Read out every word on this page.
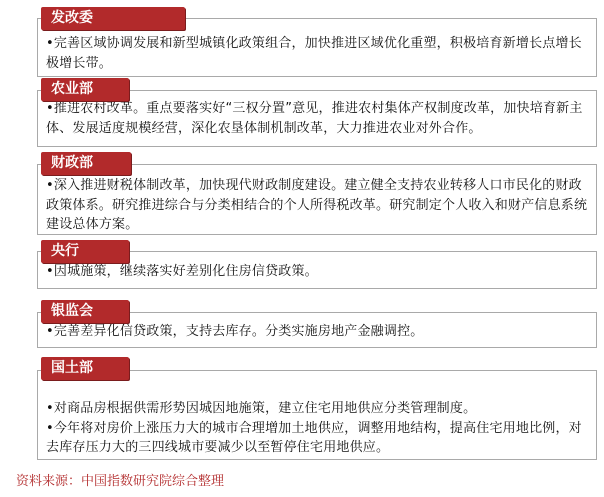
•完善区域协调发展和新型城镇化政策组合，加快推进区域优化重塑，积极培育新增长点增长极增长带。

发改委

•推进农村改革。重点要落实好“三权分置”意见，推进农村集体产权制度改革，加快培育新主体、发展适度规模经营，深化农垦体制机制改革，大力推进农业对外合作。

农业部

•深入推进财税体制改革，加快现代财政制度建设。建立健全支持农业转移人口市民化的财政政策体系。研究推进综合与分类相结合的个人所得税改革。研究制定个人收入和财产信息系统建设总体方案。

财政部

•因城施策，继续落实好差别化住房信贷政策。

央行

•完善差异化信贷政策，支持去库存。分类实施房地产金融调控。

银监会

•对商品房根据供需形势因城因地施策，建立住宅用地供应分类管理制度。

•今年将对房价上涨压力大的城市合理增加土地供应，调整用地结构，提高住宅用地比例，对去库存压力大的三四线城市要减少以至暂停住宅用地供应。

国土部
资料来源：中国指数研究院综合整理
